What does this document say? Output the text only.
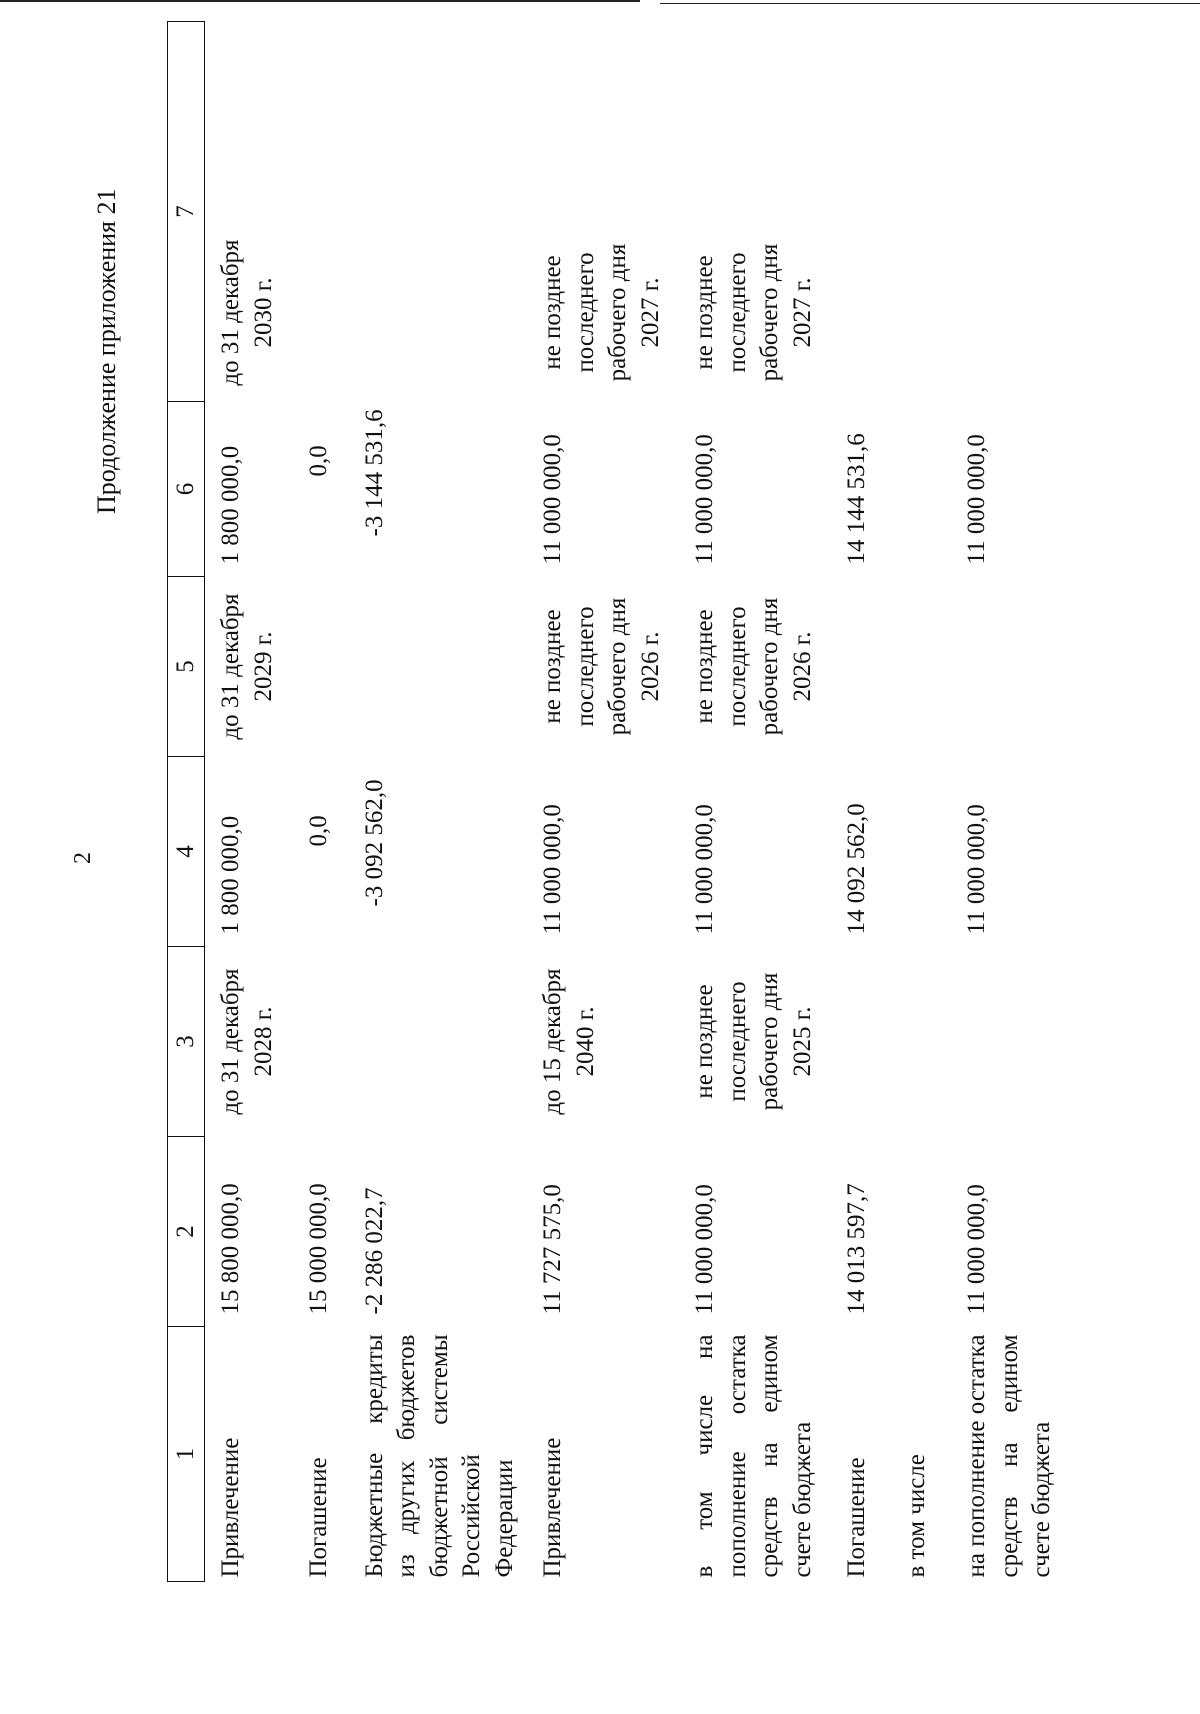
2
Продолжение приложения 21
1	2	3	4	5	6	7
Привлечение	15 800 000,0	до 31 декабря 2028 г.	1 800 000,0	до 31 декабря 2029 г.	1 800 000,0	до 31 декабря 2030 г.
Погашение	15 000 000,0		0,0		0,0	
Бюджетные кредиты из других бюджетов бюджетной системы Российской Федерации	-2 286 022,7		-3 092 562,0		-3 144 531,6	
Привлечение	11 727 575,0	до 15 декабря 2040 г.	11 000 000,0	не позднее последнего рабочего дня 2026 г.	11 000 000,0	не позднее последнего рабочего дня 2027 г.
в том числе на пополнение остатка средств на едином счете бюджета	11 000 000,0	не позднее последнего рабочего дня 2025 г.	11 000 000,0	не позднее последнего рабочего дня 2026 г.	11 000 000,0	не позднее последнего рабочего дня 2027 г.
Погашение	14 013 597,7		14 092 562,0		14 144 531,6	
в том числе						
на пополнение остатка средств на едином счете бюджета	11 000 000,0		11 000 000,0		11 000 000,0	
